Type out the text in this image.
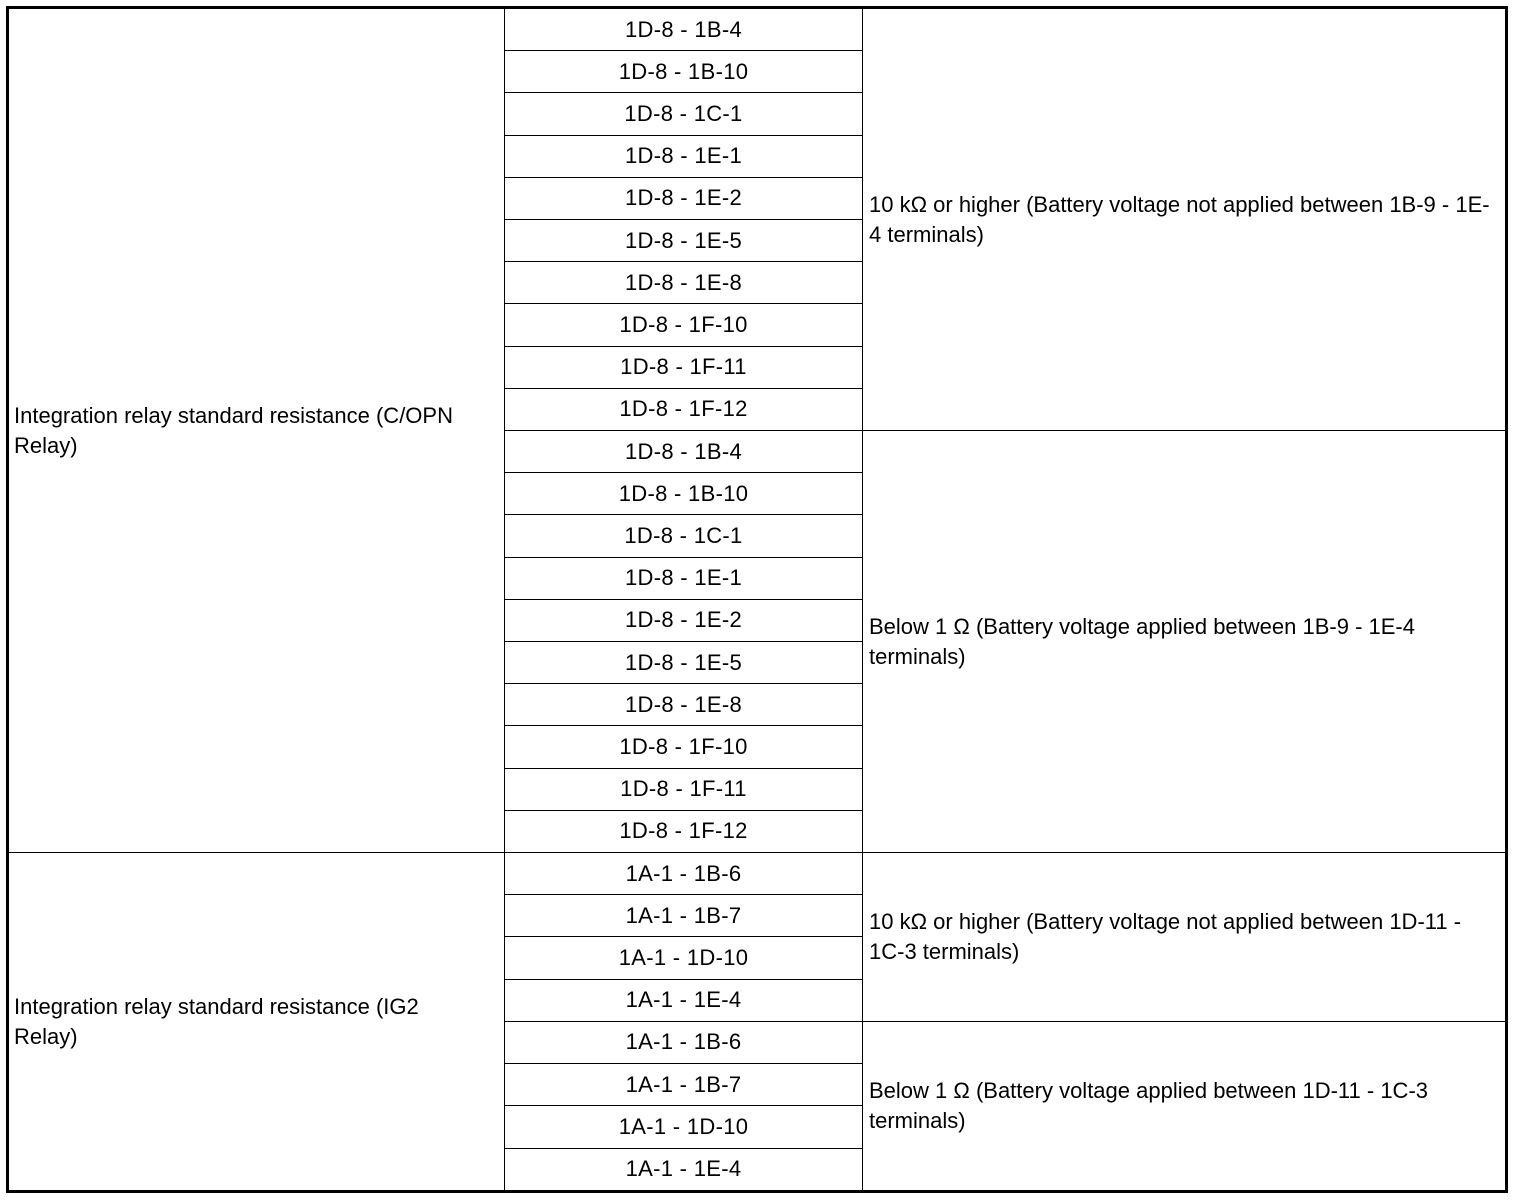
Integration relay standard resistance (C/OPN Relay)	1D-8 - 1B-4	10 kΩ or higher (Battery voltage not applied between 1B-9 - 1E-4 terminals)
	1D-8 - 1B-10	
	1D-8 - 1C-1	
	1D-8 - 1E-1	
	1D-8 - 1E-2	
	1D-8 - 1E-5	
	1D-8 - 1E-8	
	1D-8 - 1F-10	
	1D-8 - 1F-11	
	1D-8 - 1F-12	
	1D-8 - 1B-4	Below 1 Ω (Battery voltage applied between 1B-9 - 1E-4 terminals)
	1D-8 - 1B-10	
	1D-8 - 1C-1	
	1D-8 - 1E-1	
	1D-8 - 1E-2	
	1D-8 - 1E-5	
	1D-8 - 1E-8	
	1D-8 - 1F-10	
	1D-8 - 1F-11	
	1D-8 - 1F-12	
Integration relay standard resistance (IG2 Relay)	1A-1 - 1B-6	10 kΩ or higher (Battery voltage not applied between 1D-11 - 1C-3 terminals)
	1A-1 - 1B-7	
	1A-1 - 1D-10	
	1A-1 - 1E-4	
	1A-1 - 1B-6	Below 1 Ω (Battery voltage applied between 1D-11 - 1C-3 terminals)
	1A-1 - 1B-7	
	1A-1 - 1D-10	
	1A-1 - 1E-4	
